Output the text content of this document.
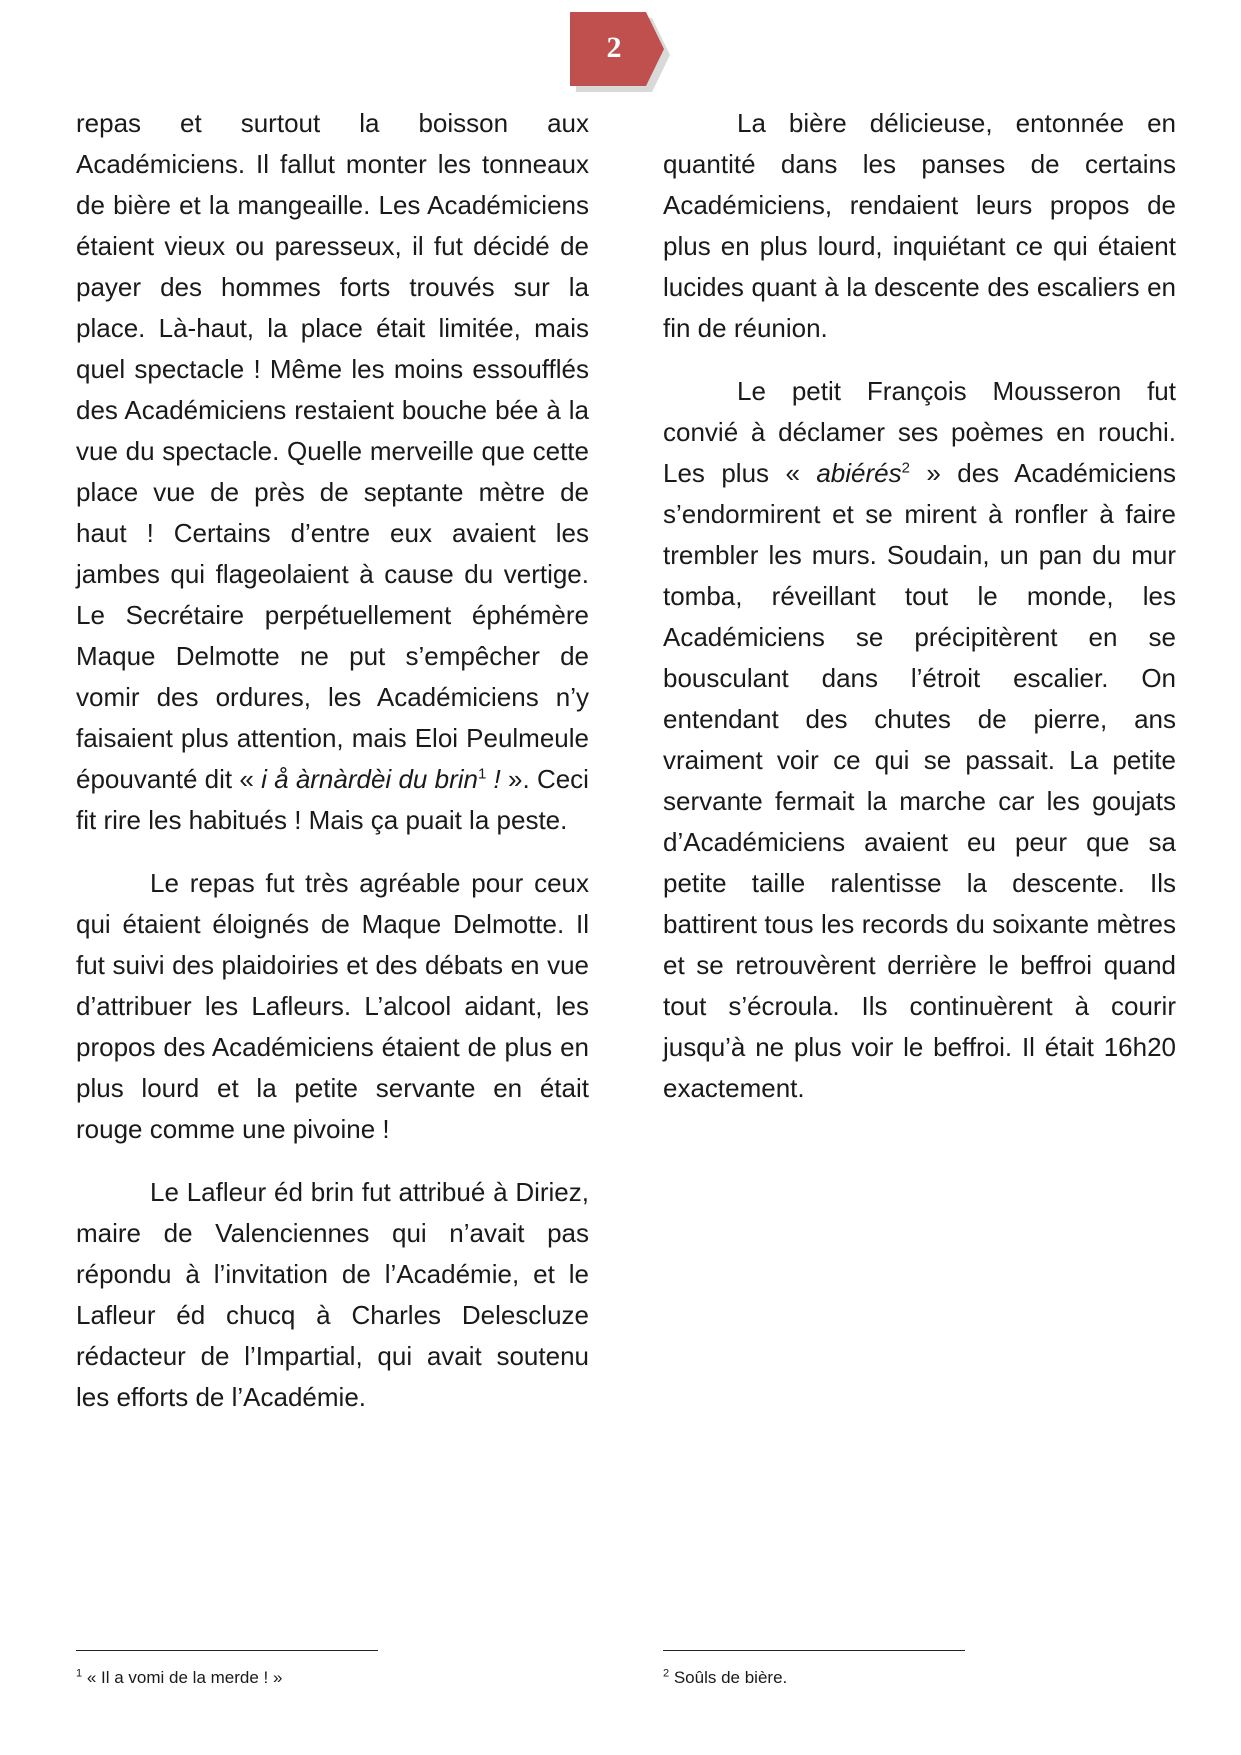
2

repas et surtout la boisson aux Académiciens. Il fallut monter les tonneaux de bière et la mangeaille. Les Académiciens étaient vieux ou paresseux, il fut décidé de payer des hommes forts trouvés sur la place. Là-haut, la place était limitée, mais quel spectacle ! Même les moins essoufflés des Académiciens restaient bouche bée à la vue du spectacle. Quelle merveille que cette place vue de près de septante mètre de haut ! Certains d’entre eux avaient les jambes qui flageolaient à cause du vertige. Le Secrétaire perpétuellement éphémère Maque Delmotte ne put s’empêcher de vomir des ordures, les Académiciens n’y faisaient plus attention, mais Eloi Peulmeule épouvanté dit « i å àrnàrdèi du brin$^1$ ! ». Ceci fit rire les habitués ! Mais ça puait la peste.

Le repas fut très agréable pour ceux qui étaient éloignés de Maque Delmotte. Il fut suivi des plaidoiries et des débats en vue d’attribuer les Lafleurs. L’alcool aidant, les propos des Académiciens étaient de plus en plus lourd et la petite servante en était rouge comme une pivoine !

Le Lafleur éd brin fut attribué à Diriez, maire de Valenciennes qui n’avait pas répondu à l’invitation de l’Académie, et le Lafleur éd chucq à Charles Delescluze rédacteur de l’Impartial, qui avait soutenu les efforts de l’Académie.

La bière délicieuse, entonnée en quantité dans les panses de certains Académiciens, rendaient leurs propos de plus en plus lourd, inquiétant ce qui étaient lucides quant à la descente des escaliers en fin de réunion.

Le petit François Mousseron fut convié à déclamer ses poèmes en rouchi. Les plus « abiérés$^2$ » des Académiciens s’endormirent et se mirent à ronfler à faire trembler les murs. Soudain, un pan du mur tomba, réveillant tout le monde, les Académiciens se précipitèrent en se bousculant dans l’étroit escalier. On entendant des chutes de pierre, ans vraiment voir ce qui se passait. La petite servante fermait la marche car les goujats d’Académiciens avaient eu peur que sa petite taille ralentisse la descente. Ils battirent tous les records du soixante mètres et se retrouvèrent derrière le beffroi quand tout s’écroula. Ils continuèrent à courir jusqu’à ne plus voir le beffroi. Il était 16h20 exactement.

$^1$ « Il a vomi de la merde ! »	$^2$ Soûls de bière.
